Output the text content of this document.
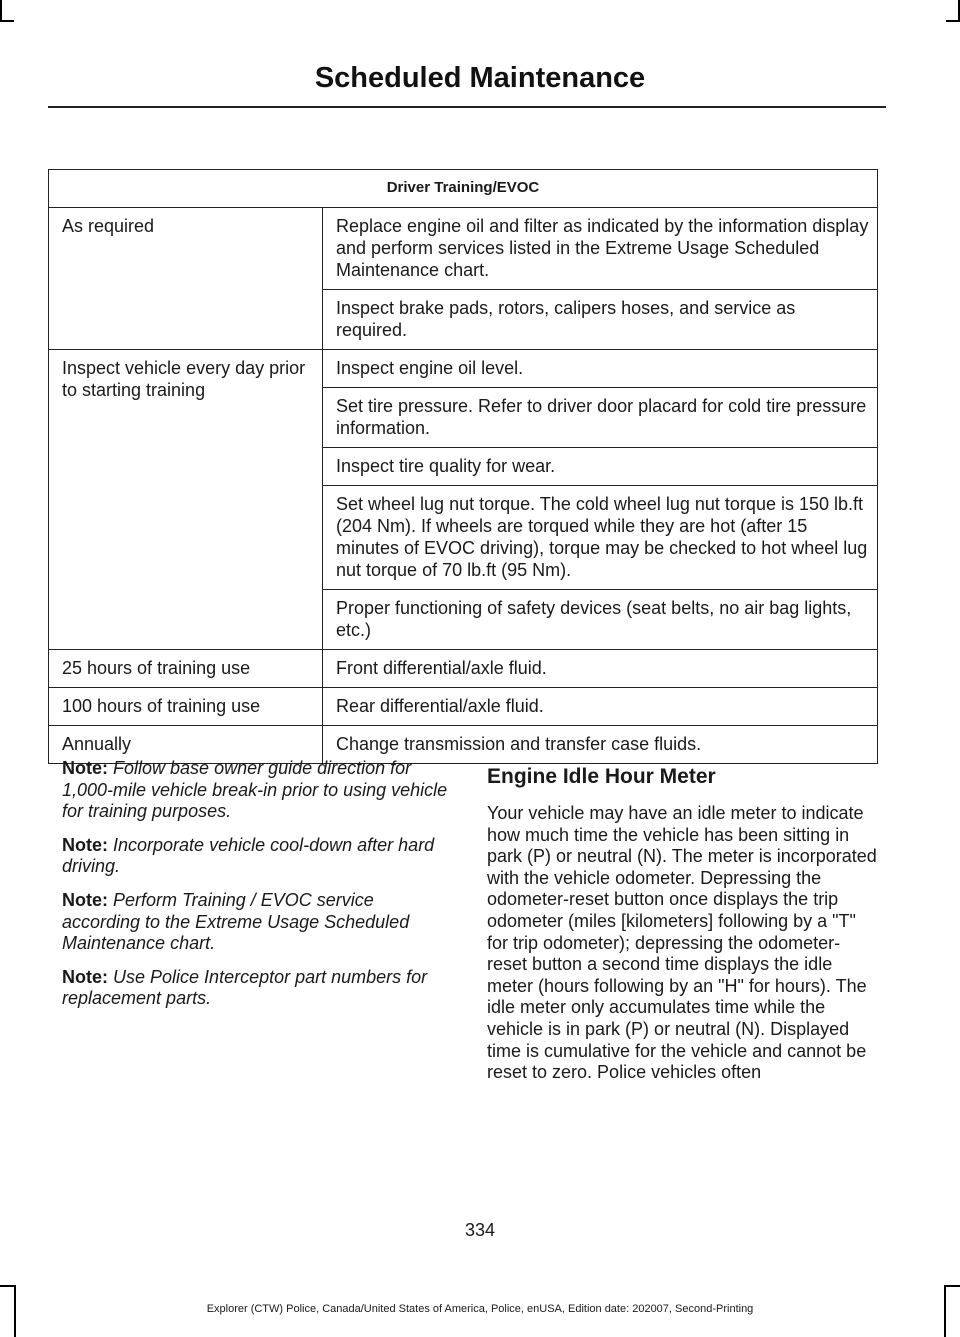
Scheduled Maintenance
Driver Training/EVOC	
As required	Replace engine oil and filter as indicated by the information display and perform services listed in the Extreme Usage Scheduled Maintenance chart.
	Inspect brake pads, rotors, calipers hoses, and service as required.
Inspect vehicle every day prior to starting training	Inspect engine oil level.
	Set tire pressure. Refer to driver door placard for cold tire pressure information.
	Inspect tire quality for wear.
	Set wheel lug nut torque. The cold wheel lug nut torque is 150 lb.ft (204 Nm). If wheels are torqued while they are hot (after 15 minutes of EVOC driving), torque may be checked to hot wheel lug nut torque of 70 lb.ft (95 Nm).
	Proper functioning of safety devices (seat belts, no air bag lights, etc.)
25 hours of training use	Front differential/axle fluid.
100 hours of training use	Rear differential/axle fluid.
Annually	Change transmission and transfer case fluids.

Note: Follow base owner guide direction for 1,000-mile vehicle break-in prior to using vehicle for training purposes.

Note: Incorporate vehicle cool-down after hard driving.

Note: Perform Training / EVOC service according to the Extreme Usage Scheduled Maintenance chart.

Note: Use Police Interceptor part numbers for replacement parts.

Engine Idle Hour Meter

Your vehicle may have an idle meter to indicate how much time the vehicle has been sitting in park (P) or neutral (N). The meter is incorporated with the vehicle odometer. Depressing the odometer-reset button once displays the trip odometer (miles [kilometers] following by a "T" for trip odometer); depressing the odometer-reset button a second time displays the idle meter (hours following by an "H" for hours). The idle meter only accumulates time while the vehicle is in park (P) or neutral (N). Displayed time is cumulative for the vehicle and cannot be reset to zero. Police vehicles often

334
Explorer (CTW) Police, Canada/United States of America, Police, enUSA, Edition date: 202007, Second-Printing
